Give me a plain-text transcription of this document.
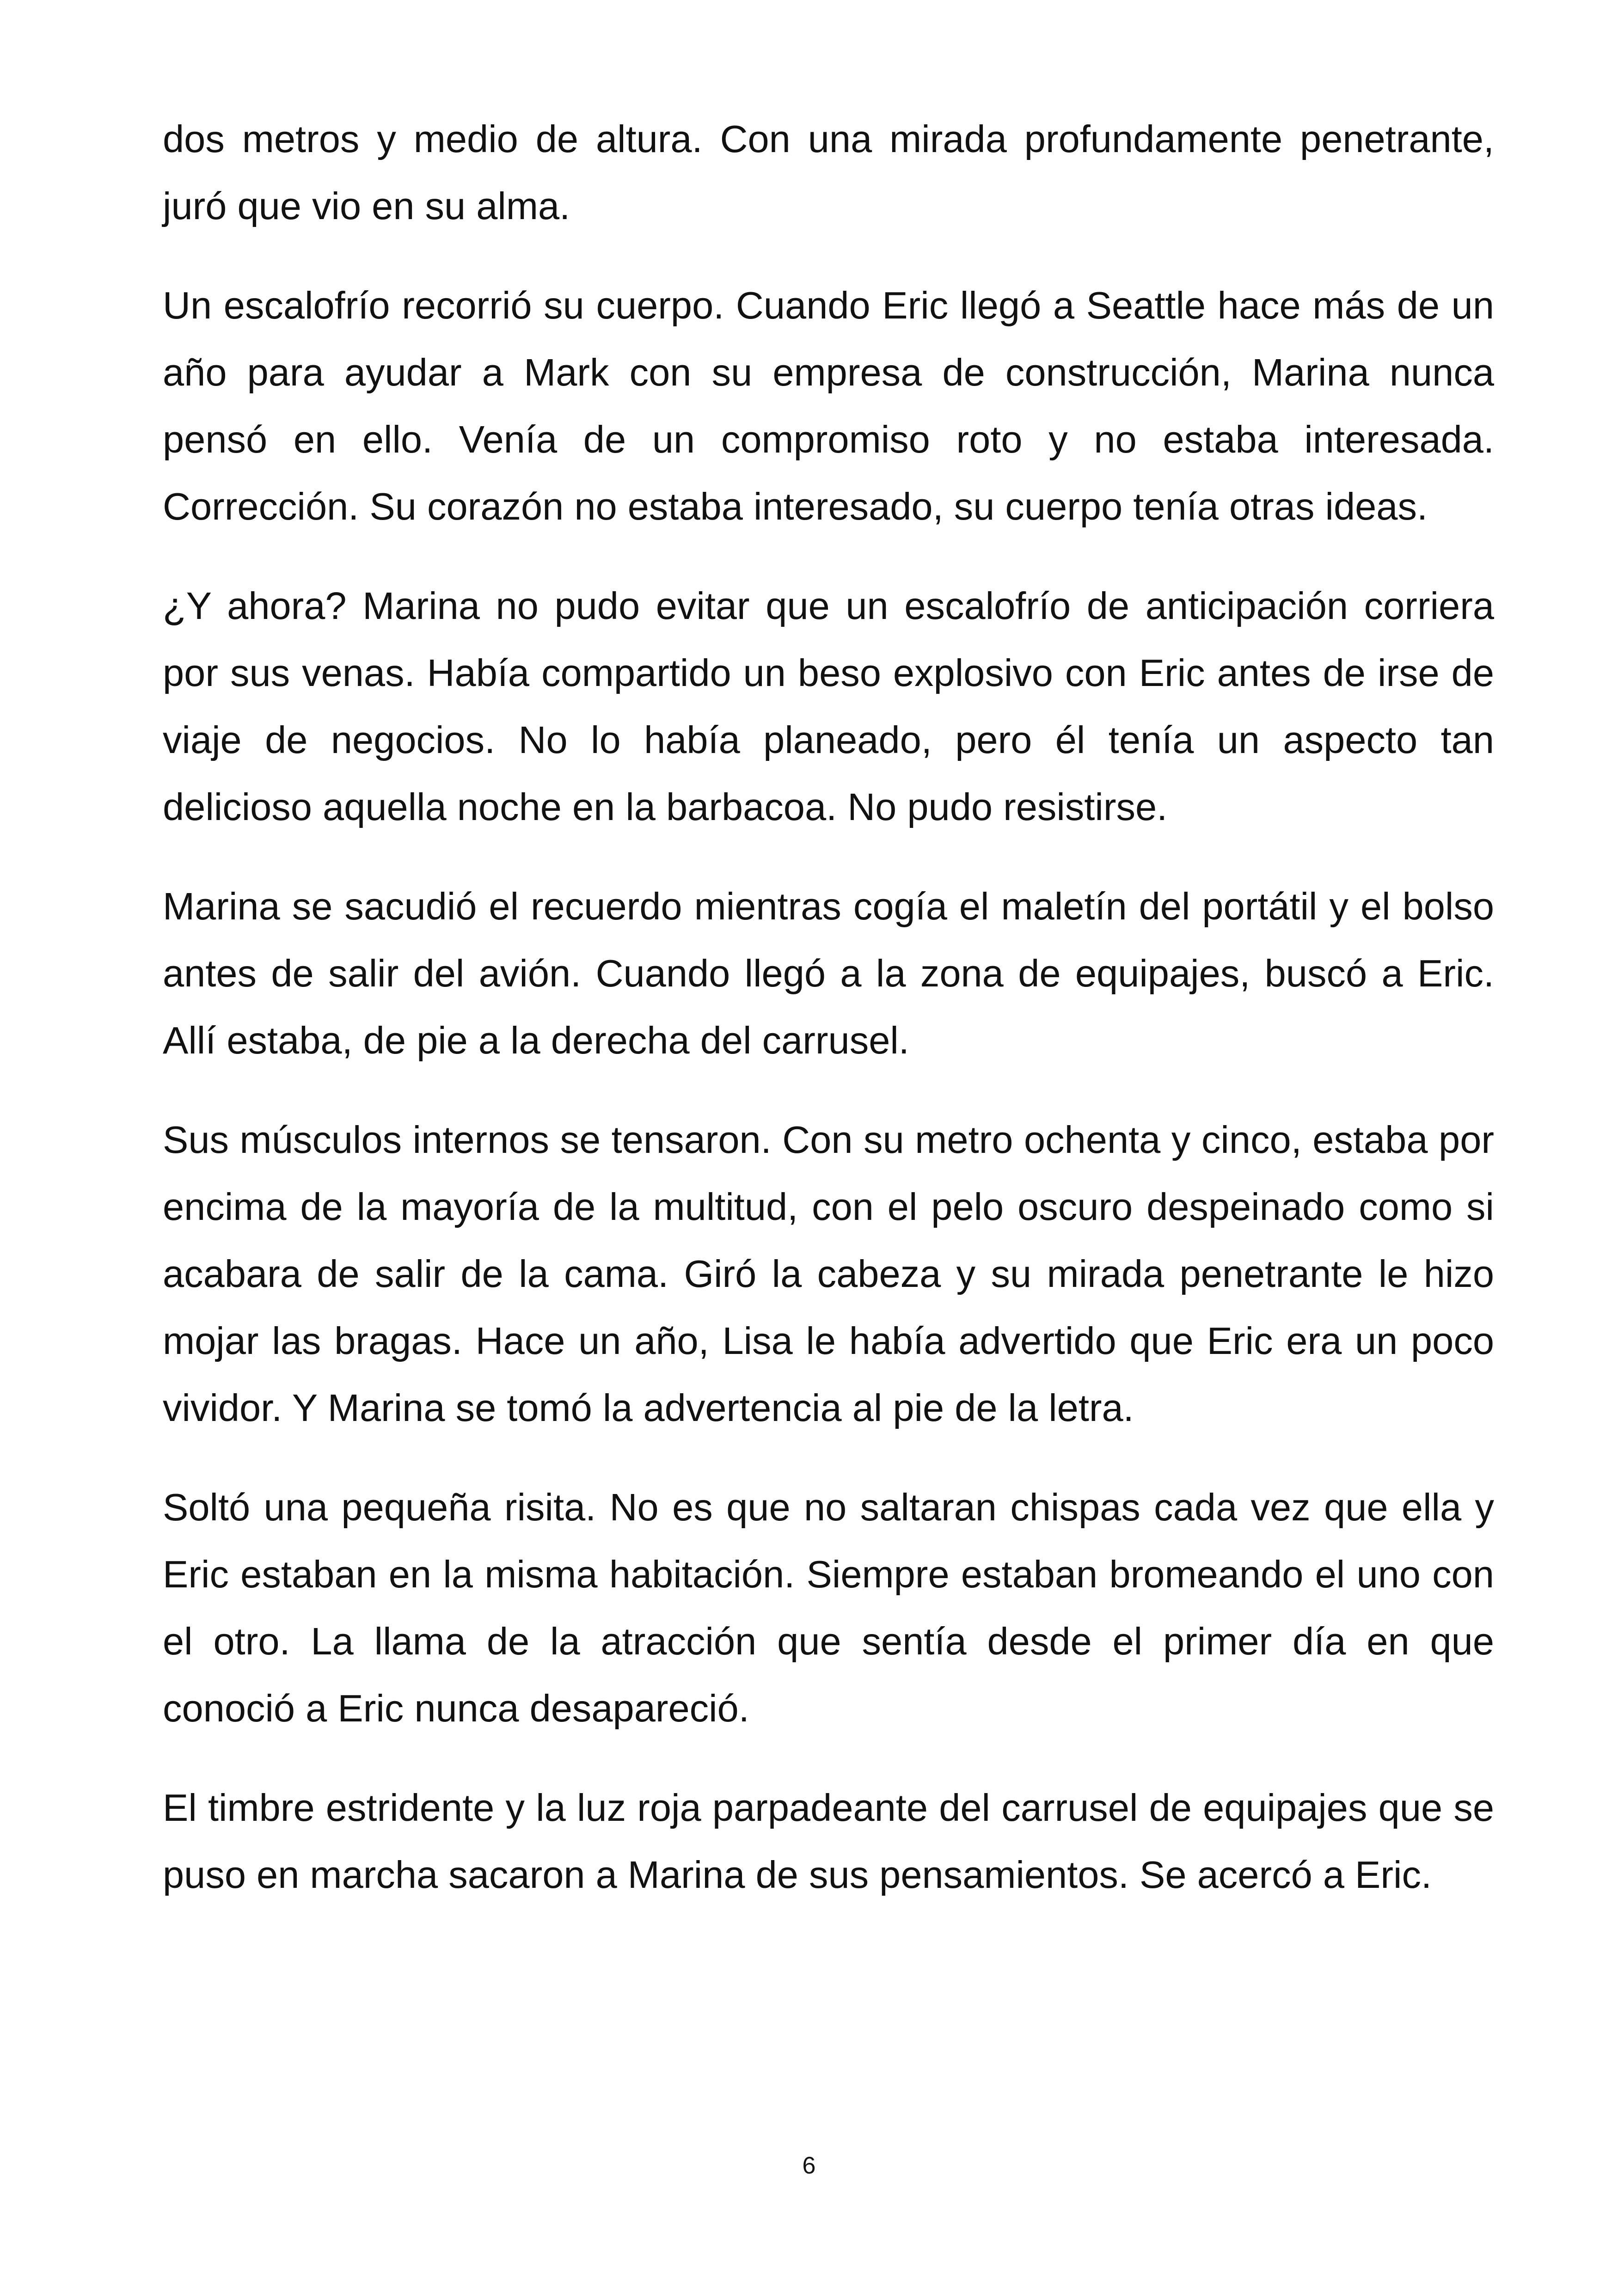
dos metros y medio de altura. Con una mirada profundamente penetrante, juró que vio en su alma.

Un escalofrío recorrió su cuerpo. Cuando Eric llegó a Seattle hace más de un año para ayudar a Mark con su empresa de construcción, Marina nunca pensó en ello. Venía de un compromiso roto y no estaba interesada. Corrección. Su corazón no estaba interesado, su cuerpo tenía otras ideas.

¿Y ahora? Marina no pudo evitar que un escalofrío de anticipación corriera por sus venas. Había compartido un beso explosivo con Eric antes de irse de viaje de negocios. No lo había planeado, pero él tenía un aspecto tan delicioso aquella noche en la barbacoa. No pudo resistirse.

Marina se sacudió el recuerdo mientras cogía el maletín del portátil y el bolso antes de salir del avión. Cuando llegó a la zona de equipajes, buscó a Eric. Allí estaba, de pie a la derecha del carrusel.

Sus músculos internos se tensaron. Con su metro ochenta y cinco, estaba por encima de la mayoría de la multitud, con el pelo oscuro despeinado como si acabara de salir de la cama. Giró la cabeza y su mirada penetrante le hizo mojar las bragas. Hace un año, Lisa le había advertido que Eric era un poco vividor. Y Marina se tomó la advertencia al pie de la letra.

Soltó una pequeña risita. No es que no saltaran chispas cada vez que ella y Eric estaban en la misma habitación. Siempre estaban bromeando el uno con el otro. La llama de la atracción que sentía desde el primer día en que conoció a Eric nunca desapareció.

El timbre estridente y la luz roja parpadeante del carrusel de equipajes que se puso en marcha sacaron a Marina de sus pensamientos. Se acercó a Eric.

6
